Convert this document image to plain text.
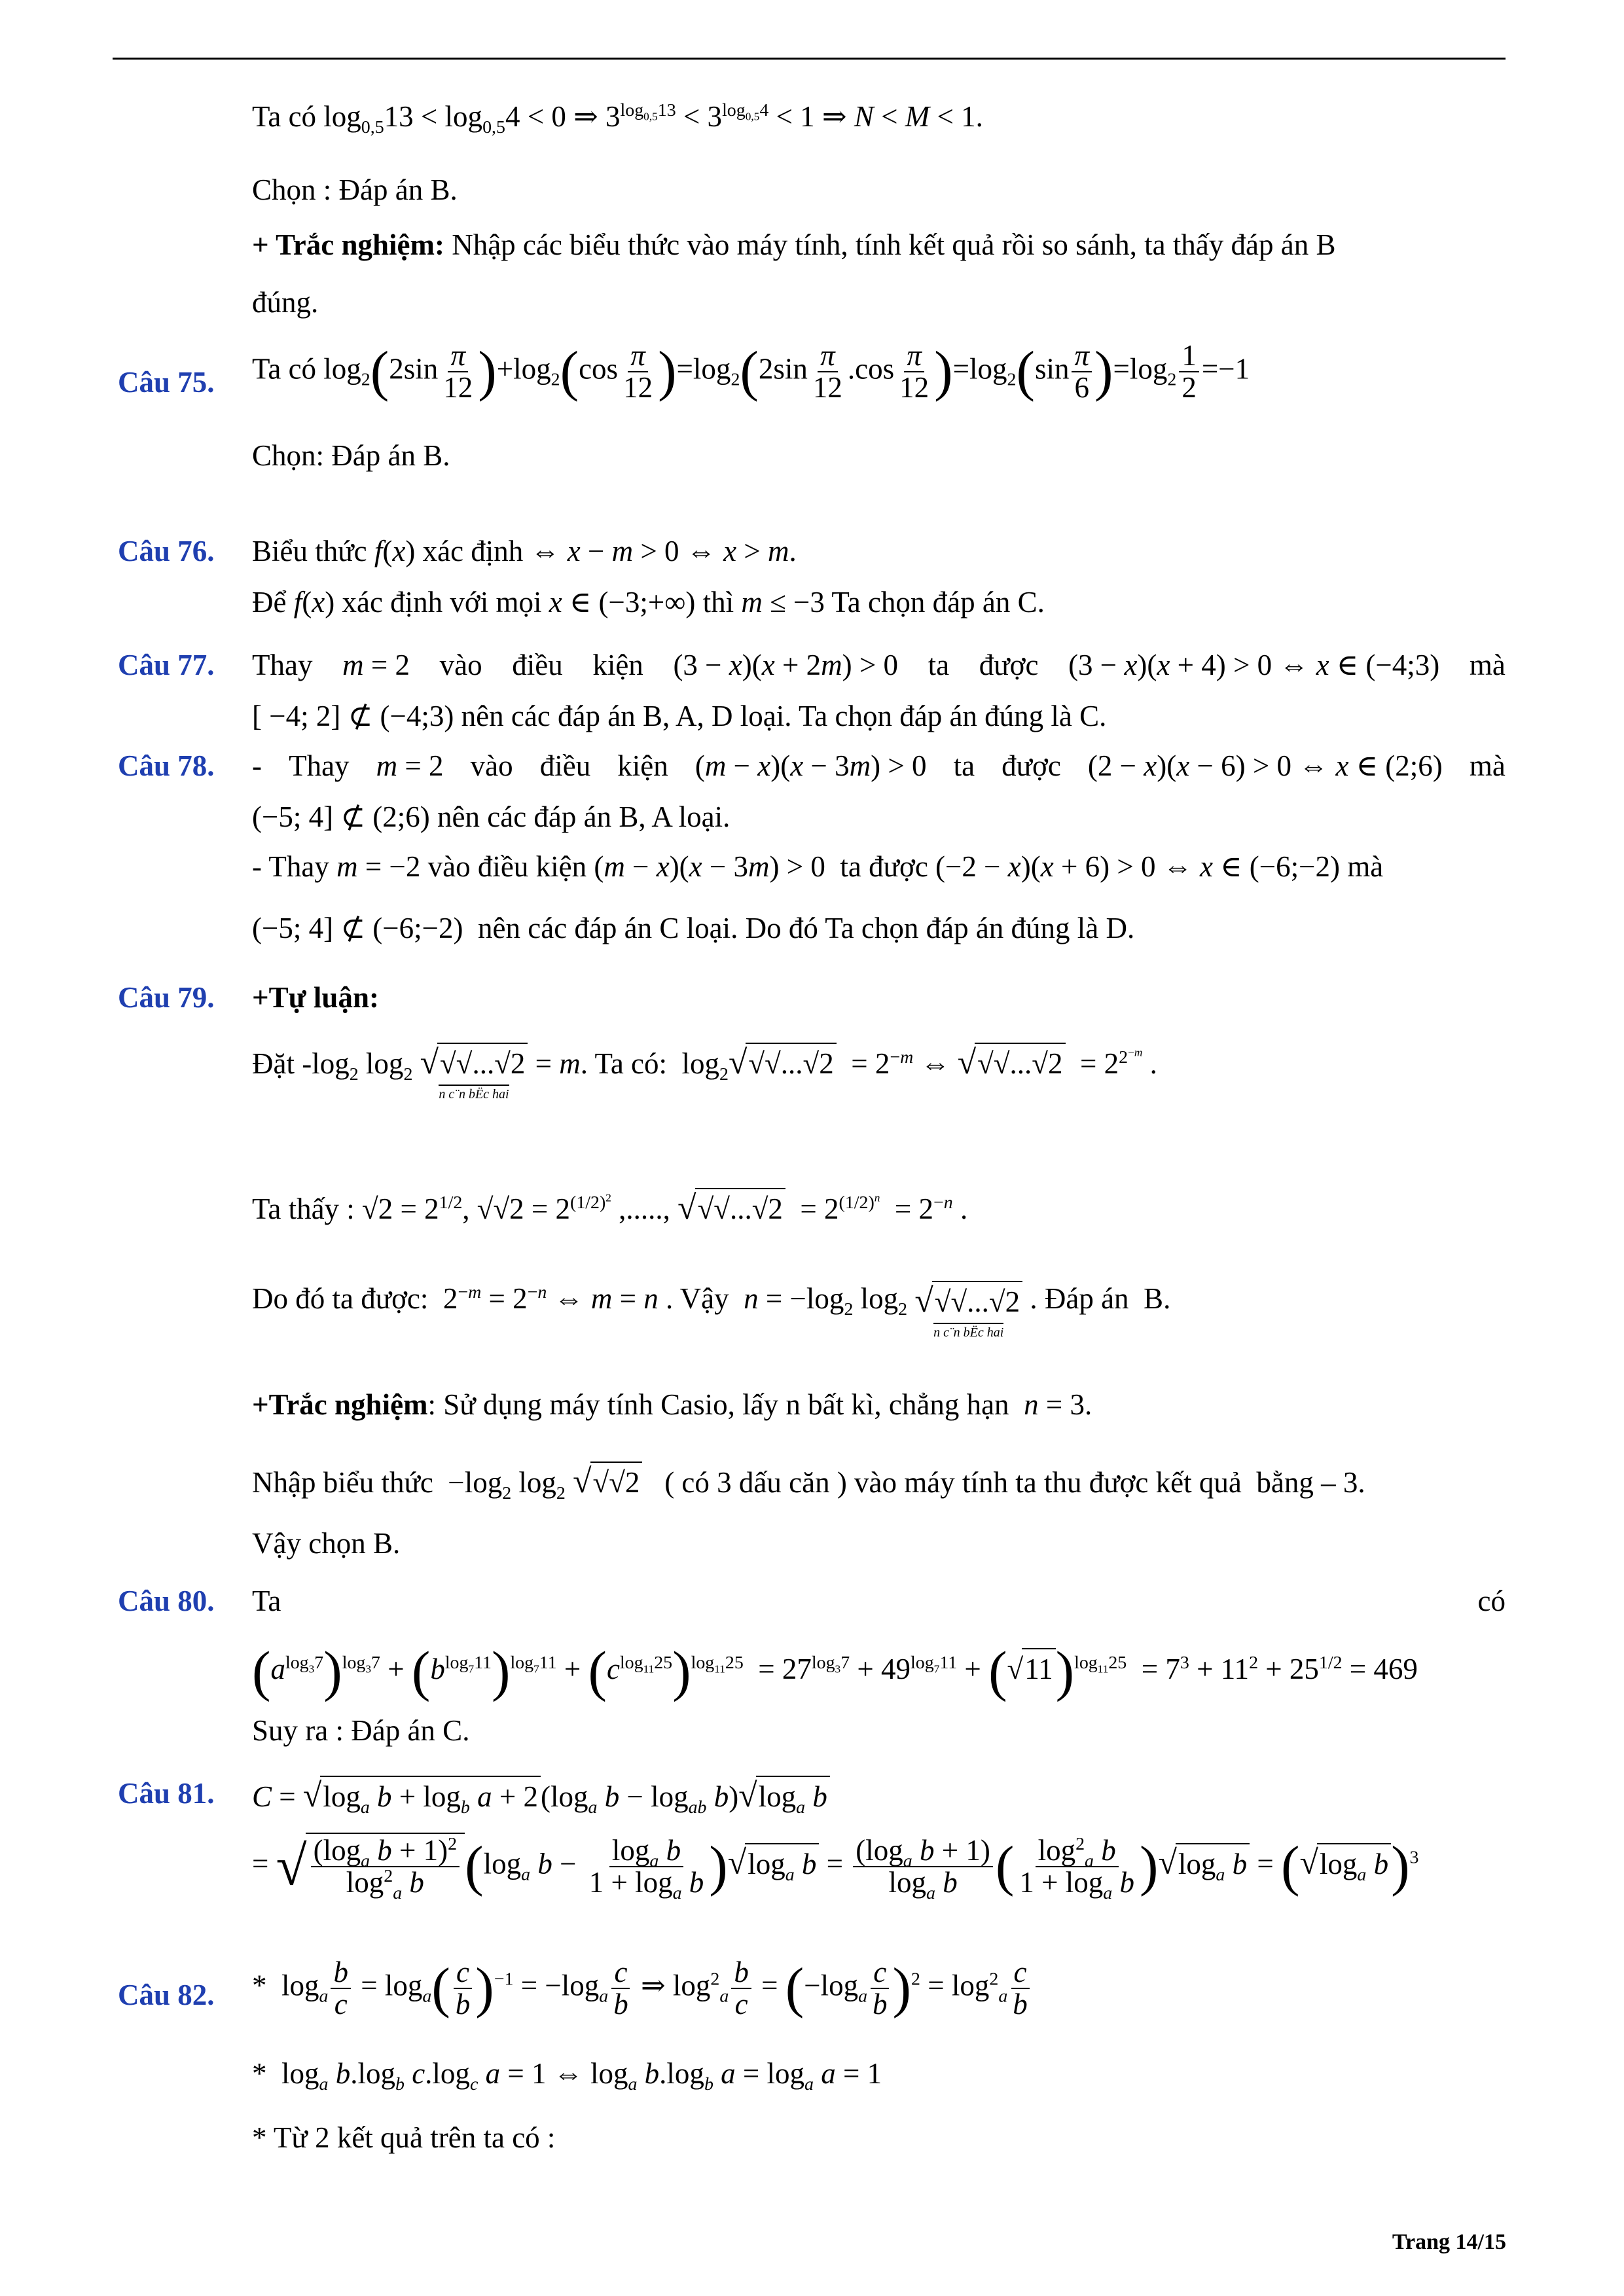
Ta có $\log_{0,5}13 < \log_{0,5}4 < 0$ ⇒ $3^{log_{0,5}13} < 3^{log_{0,5}4} < 1$ ⇒ N < M < 1.
Chọn : Đáp án B.
+ Trắc nghiệm: Nhập các biểu thức vào máy tính, tính kết quả rồi so sánh, ta thấy đáp án B
đúng.
Câu 75. Ta có $\log_2(2\sin \frac{\pi}{12} )+\log_2(\cos \frac{\pi}{12} )=\log_2(2\sin \frac{\pi}{12} .\cos \frac{\pi}{12} )=\log_2(\sin \frac{\pi}{6} )=\log_2 \frac{1}{2} =-1$
Chọn: Đáp án B.
Câu 76. Biểu thức f(x) xác định ⇔ x − m > 0 ⇔ x > m.
Để f(x) xác định với mọi x ∈ (−3;+∞) thì m ≤ −3 Ta chọn đáp án C.
Câu 77. Thay m = 2 vào điều kiện (3 − x)(x + 2m) > 0 ta được (3 − x)(x + 4) > 0 ⇔ x ∈ (−4;3) mà
[ −4; 2] ⊄ (−4;3) nên các đáp án B, A, D loại. Ta chọn đáp án đúng là C.
Câu 78. - Thay m = 2 vào điều kiện (m − x)(x − 3m) > 0 ta được (2 − x)(x − 6) > 0 ⇔ x ∈ (2;6) mà
(−5; 4] ⊄ (2;6) nên các đáp án B, A loại.
- Thay m = −2 vào điều kiện (m − x)(x − 3m) > 0  ta được (−2 − x)(x + 6) > 0 ⇔ x ∈ (−6;−2) mà
(−5; 4] ⊄ (−6;−2)  nên các đáp án C loại. Do đó Ta chọn đáp án đúng là D.
Câu 79. +Tự luận:
Đặt $-\log_2$ $\log_2 √√√...√2$
n c¨n bËc hai
= m. Ta có:  $\log_2√√√...√2 = 2^{-m}$ ⇔ $√√√...√2 = 2^{2^{-m}}$ .
Ta thấy : $√2 = 2^{1/2}$, $√√2 = 2^{(1/2)^2}$ ,....., $√√√...√2 = 2^{(1/2)^n} = 2^{-n}$ .
Do đó ta được:  $2^{-m} = 2^{-n}$ ⇔ m = n . Vậy  $n = -\log_2$ $\log_2 √√√...√2$
n c¨n bËc hai
. Đáp án  B.
+Trắc nghiệm: Sử dụng máy tính Casio, lấy n bất kì, chẳng hạn  n = 3.
Nhập biểu thức  $-\log_2$ $\log_2 √√√2$   ( có 3 dấu căn ) vào máy tính ta thu được kết quả  bằng – 3.
Vậy chọn B.
Câu 80. Ta	có
$(a^{log_37})^{log_37} + (b^{log_711})^{log_711} + (c^{log_{11}25})^{log_{11}25} = 27^{log_37} + 49^{log_711} + (√11)^{log_{11}25} = 7^3 + 11^2 + 25^{1/2} = 469$
Suy ra : Đáp án C.
Câu 81. $C = √\log_a$ $b + \log_b a + 2(\log_a$ $b - \log_{ab} b)√\log_a$ b
= √ $\frac{(\log_a b + 1)^2}{\log^2_a b} (\log_a$ $b - \frac{\log_a b}{1 + \log_a b} )√\log_a$ $b = \frac{(\log_a b + 1)}{\log_a b}$ ( $\frac{\log^2_a b}{1 + \log_a b} )√\log_a$ $b = (√\log_a$ b)$^3$
Câu 82. *  $\log_a \frac{b}{c} = \log_a( \frac{c}{b} )^{-1} = -\log_a \frac{c}{b}$ ⇒ $\log^2_a \frac{b}{c} = (-\log_a \frac{c}{b} )^2 = \log^2_a \frac{c}{b}$
*  $\log_a b.\log_b$ $c.\log_c$ a = 1 ⇔ $\log_a b.\log_b$ $a = \log_a a = 1$
* Từ 2 kết quả trên ta có :
Trang 14/15
